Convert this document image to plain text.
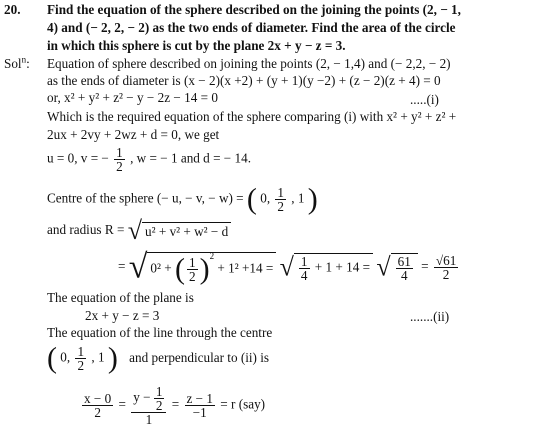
20. Find the equation of the sphere described on the joining the points (2, − 1,
4) and (− 2, 2, − 2) as the two ends of diameter. Find the area of the circle
in which this sphere is cut by the plane 2x + y − z = 3.
Sol$^n$: Equation of sphere described on joining the points (2, − 1,4) and (− 2,2, − 2)
as the ends of diameter is (x − 2)(x +2) + (y + 1)(y −2) + (z − 2)(z + 4) = 0
or, x² + y² + z² − y − 2z − 14 = 0	.....(i)
Which is the required equation of the sphere comparing (i) with x² + y² + z² +
2ux + 2vy + 2wz + d = 0, we get
u = 0, v = − $\frac{1}{2}$ , w = − 1 and d = − 14.
Centre of the sphere (− u, − v, − w) = ( 0, $\frac{1}{2}$ , 1 )
and radius R = √ u² + v² + w² − d
= √ 0² + ( $\frac{1}{2} )^2 + 1^2 +14$ = √ $\frac{1}{4} + 1 + 14$ = √ $\frac{61}{4} = \frac{√61}{2}$
The equation of the plane is
2x + y − z = 3	.......(ii)
The equation of the line through the centre
( 0, $\frac{1}{2}$ , 1 ) and perpendicular to (ii) is
$\frac{x - 0}{2} = \frac{y - \frac{1}{2}}{1} = \frac{z - 1}{-1} = r$ (say)
